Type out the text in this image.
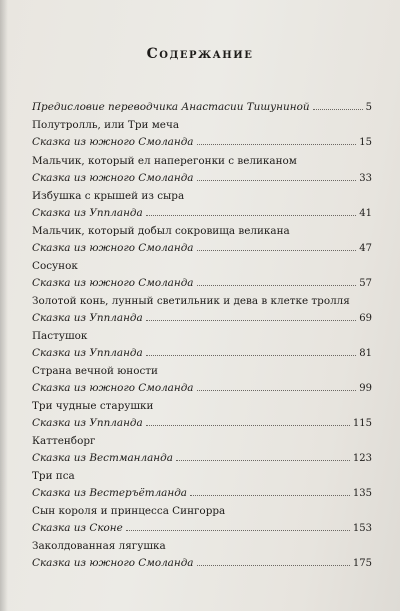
Содержание
Предисловие переводчика Анастасии Тишуниной	5
Полутролль, или Три меча
Сказка из южного Смоланда	15
Мальчик, который ел наперегонки с великаном
Сказка из южного Смоланда	33
Избушка с крышей из сыра
Сказка из Уппланда	41
Мальчик, который добыл сокровища великана
Сказка из южного Смоланда	47
Сосунок
Сказка из южного Смоланда	57
Золотой конь, лунный светильник и дева в клетке тролля
Сказка из Уппланда	69
Пастушок
Сказка из Уппланда	81
Страна вечной юности
Сказка из южного Смоланда	99
Три чудные старушки
Сказка из Уппланда	115
Каттенборг
Сказка из Вестманланда	123
Три пса
Сказка из Вестеръётланда	135
Сын короля и принцесса Сингорра
Сказка из Сконе	153
Заколдованная лягушка
Сказка из южного Смоланда	175
